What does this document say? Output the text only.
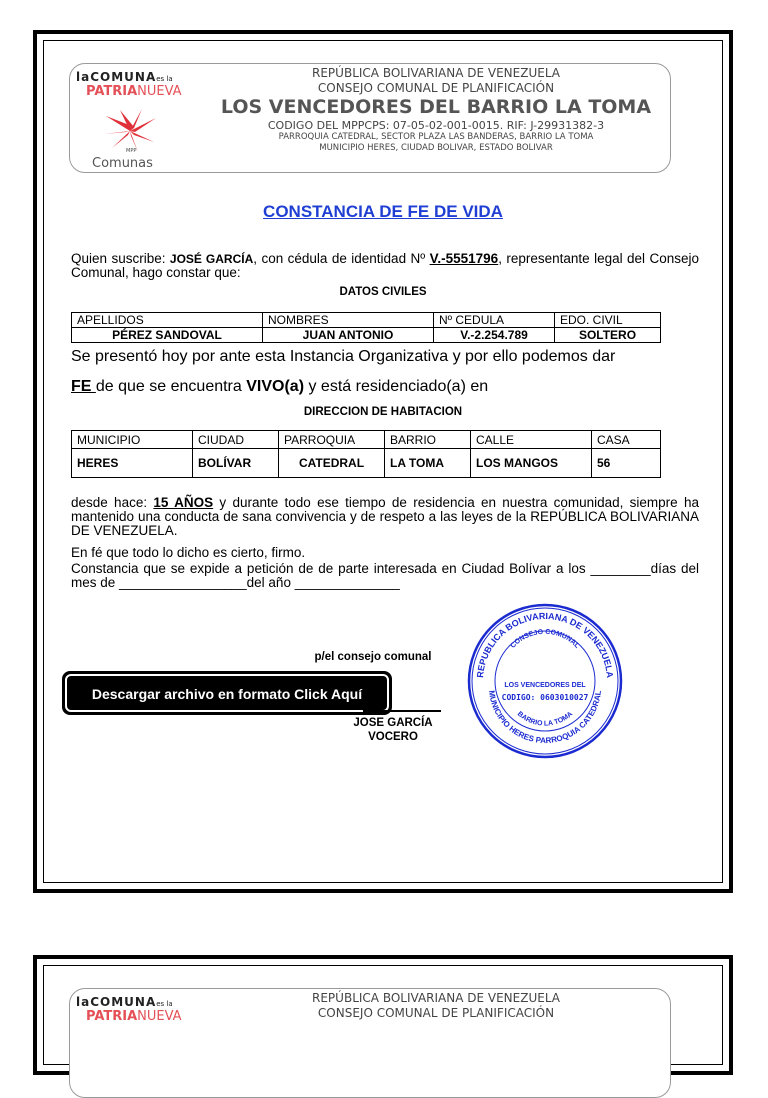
laCOMUNAes la
PATRIANUEVA
MPP
Comunas
REPÚBLICA BOLIVARIANA DE VENEZUELA
CONSEJO COMUNAL DE PLANIFICACIÓN
LOS VENCEDORES DEL BARRIO LA TOMA
CODIGO DEL MPPCPS: 07-05-02-001-0015. RIF: J-29931382-3
PARROQUIA CATEDRAL, SECTOR PLAZA LAS BANDERAS, BARRIO LA TOMA
MUNICIPIO HERES, CIUDAD BOLIVAR, ESTADO BOLIVAR
CONSTANCIA DE FE DE VIDA
Quien suscribe: JOSÉ GARCÍA, con cédula de identidad Nº V.-5551796, representante legal del Consejo Comunal, hago constar que:
DATOS CIVILES
APELLIDOS	NOMBRES	Nº CEDULA	EDO. CIVIL
PÉREZ SANDOVAL	JUAN ANTONIO	V.-2.254.789	SOLTERO
Se presentó hoy por ante esta Instancia Organizativa y por ello podemos dar
FE de que se encuentra VIVO(a) y está residenciado(a) en
DIRECCION DE HABITACION
MUNICIPIO	CIUDAD	PARROQUIA	BARRIO	CALLE	CASA
HERES	BOLÍVAR	CATEDRAL	LA TOMA	LOS MANGOS	56
desde hace: 15 AÑOS y durante todo ese tiempo de residencia en nuestra comunidad, siempre ha mantenido una conducta de sana convivencia y de respeto a las leyes de la REPÚBLICA BOLIVARIANA DE VENEZUELA.
En fé que todo lo dicho es cierto, firmo.
Constancia que se expide a petición de de parte interesada en Ciudad Bolívar a los ________días del mes de _________________del año ______________
p/el consejo comunal
REPUBLICA BOLIVARIANA DE VENEZUELA
CONSEJO COMUNAL
LOS VENCEDORES DEL
CODIGO: 0603010027
BARRIO LA TOMA
MUNICIPIO HERES PARROQUIA CATEDRAL
Descargar archivo en formato Click Aquí
JOSE GARCÍA
VOCERO
laCOMUNAes la
PATRIANUEVA
REPÚBLICA BOLIVARIANA DE VENEZUELA
CONSEJO COMUNAL DE PLANIFICACIÓN
